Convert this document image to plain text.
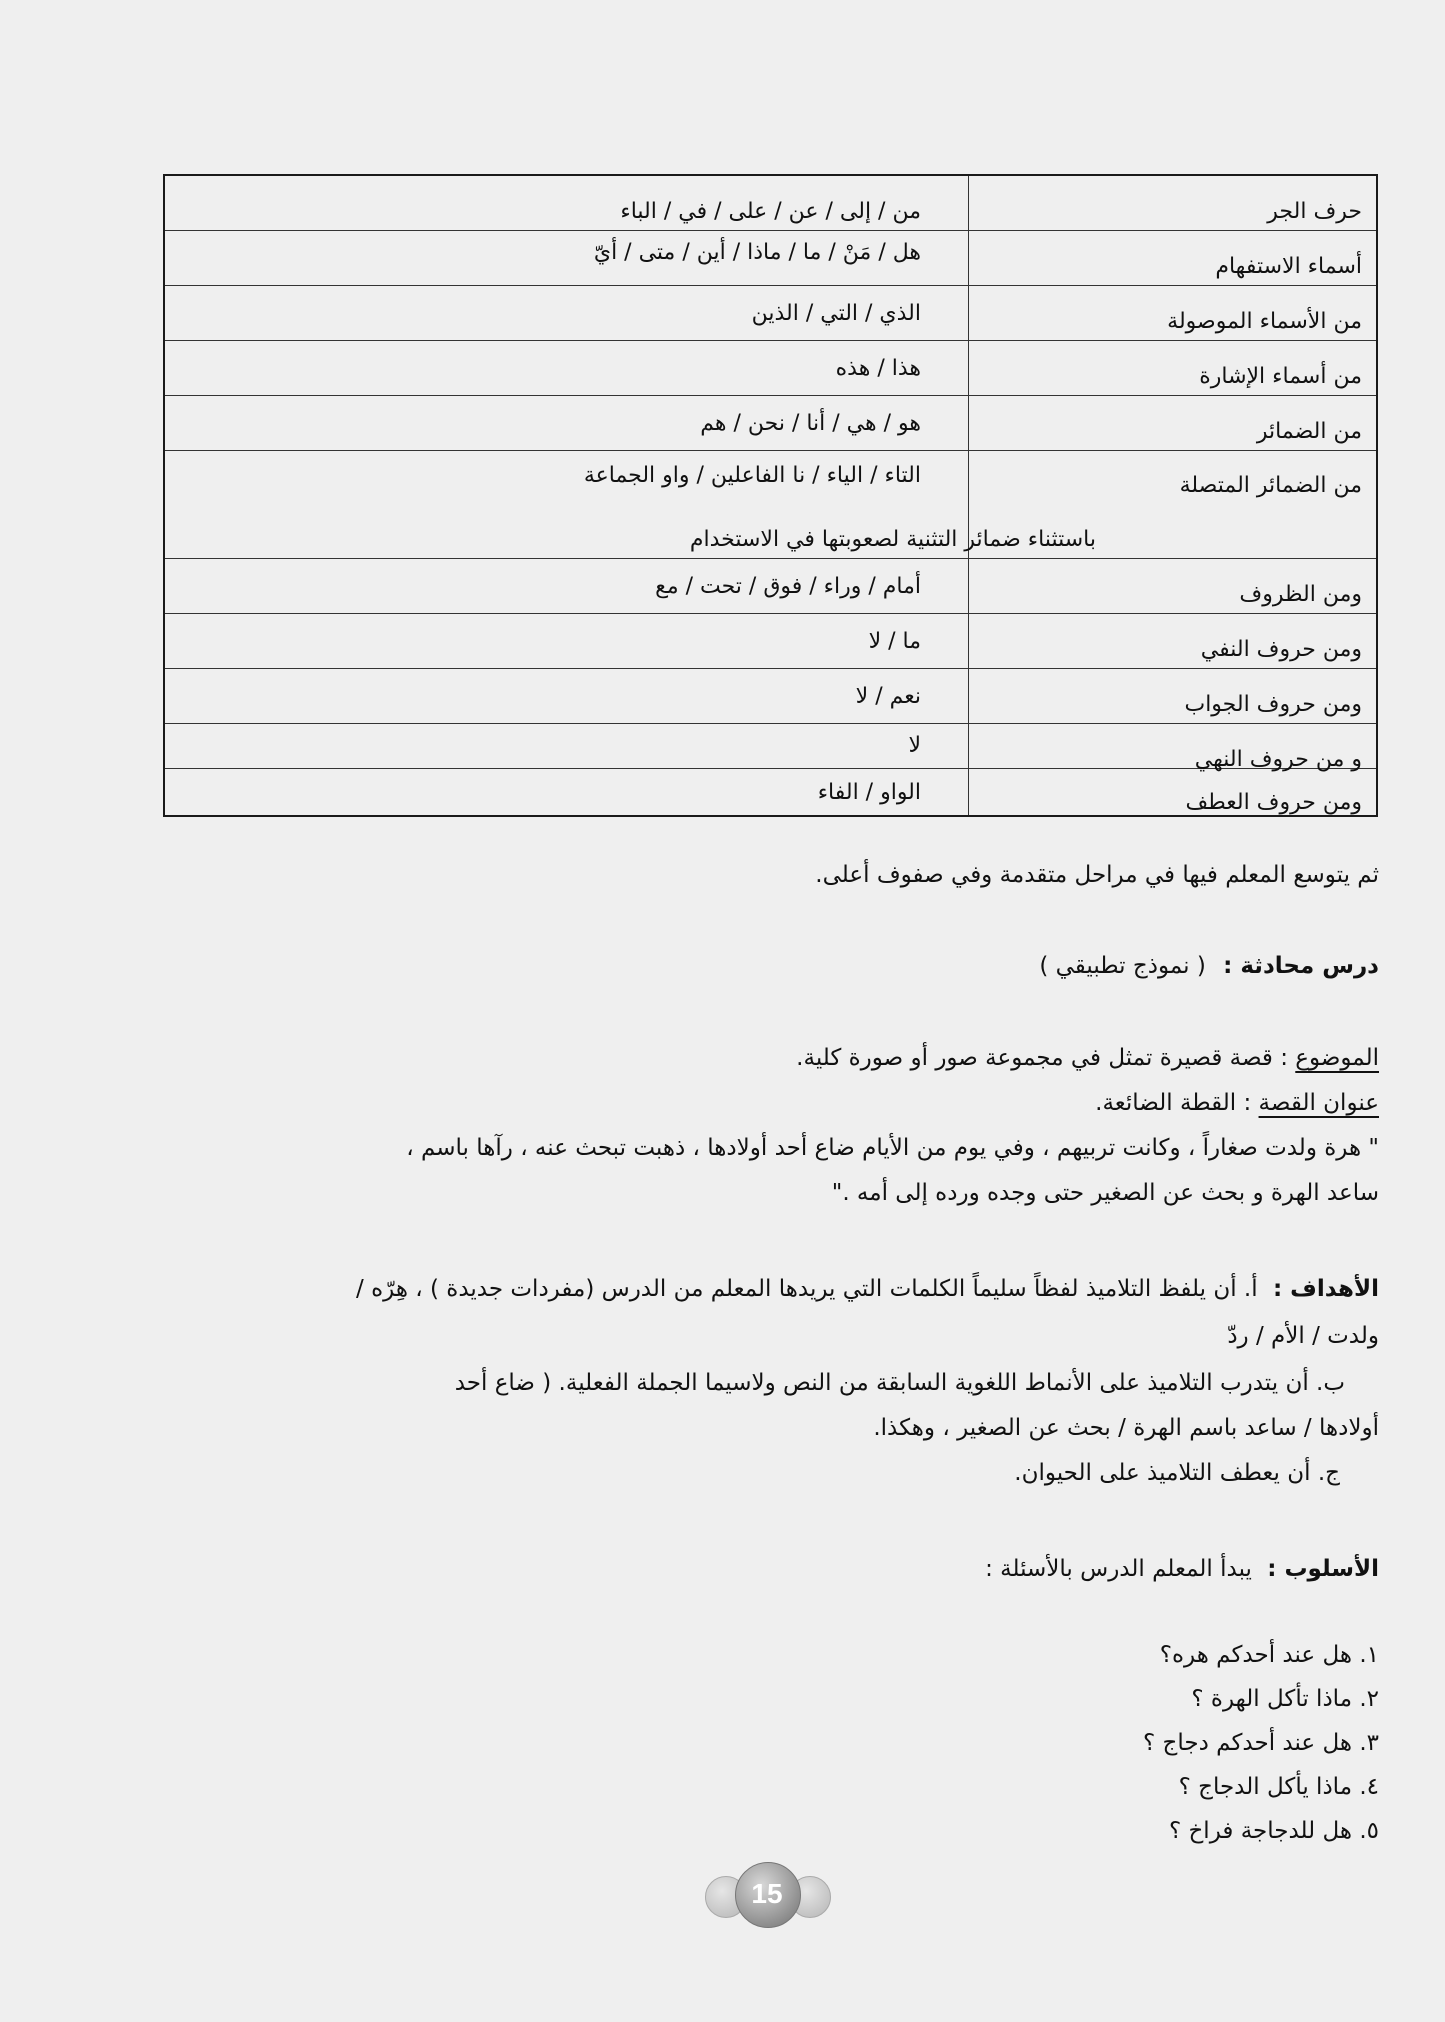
حرف الجر
من / إلى / عن / على / في / الباء
أسماء الاستفهام
هل / مَنْ / ما / ماذا / أين / متى / أيّ
من الأسماء الموصولة
الذي / التي / الذين
من أسماء الإشارة
هذا / هذه
من الضمائر
هو / هي / أنا / نحن / هم
من الضمائر المتصلة
التاء / الياء / نا الفاعلين / واو الجماعة
باستثناء ضمائر التثنية لصعوبتها في الاستخدام
ومن الظروف
أمام / وراء / فوق / تحت / مع
ومن حروف النفي
ما / لا
ومن حروف الجواب
نعم / لا
و من حروف النهي
لا
ومن حروف العطف
الواو / الفاء
ثم يتوسع المعلم فيها في مراحل متقدمة وفي صفوف أعلى.
درس محادثة : ( نموذج تطبيقي )
الموضوع : قصة قصيرة تمثل في مجموعة صور أو صورة كلية.
عنوان القصة : القطة الضائعة.
" هرة ولدت صغاراً ، وكانت تربيهم ، وفي يوم من الأيام ضاع أحد أولادها ، ذهبت تبحث عنه ، رآها باسم ،
ساعد الهرة و بحث عن الصغير حتى وجده ورده إلى أمه ."
الأهداف : أ. أن يلفظ التلاميذ لفظاً سليماً الكلمات التي يريدها المعلم من الدرس (مفردات جديدة ) ، هِرّه /
ولدت / الأم / ردّ
ب. أن يتدرب التلاميذ على الأنماط اللغوية السابقة من النص ولاسيما الجملة الفعلية. ( ضاع أحد
أولادها / ساعد باسم الهرة / بحث عن الصغير ، وهكذا.
ج. أن يعطف التلاميذ على الحيوان.
الأسلوب : يبدأ المعلم الدرس بالأسئلة :
١. هل عند أحدكم هره؟
٢. ماذا تأكل الهرة ؟
٣. هل عند أحدكم دجاج ؟
٤. ماذا يأكل الدجاج ؟
٥. هل للدجاجة فراخ ؟
15
